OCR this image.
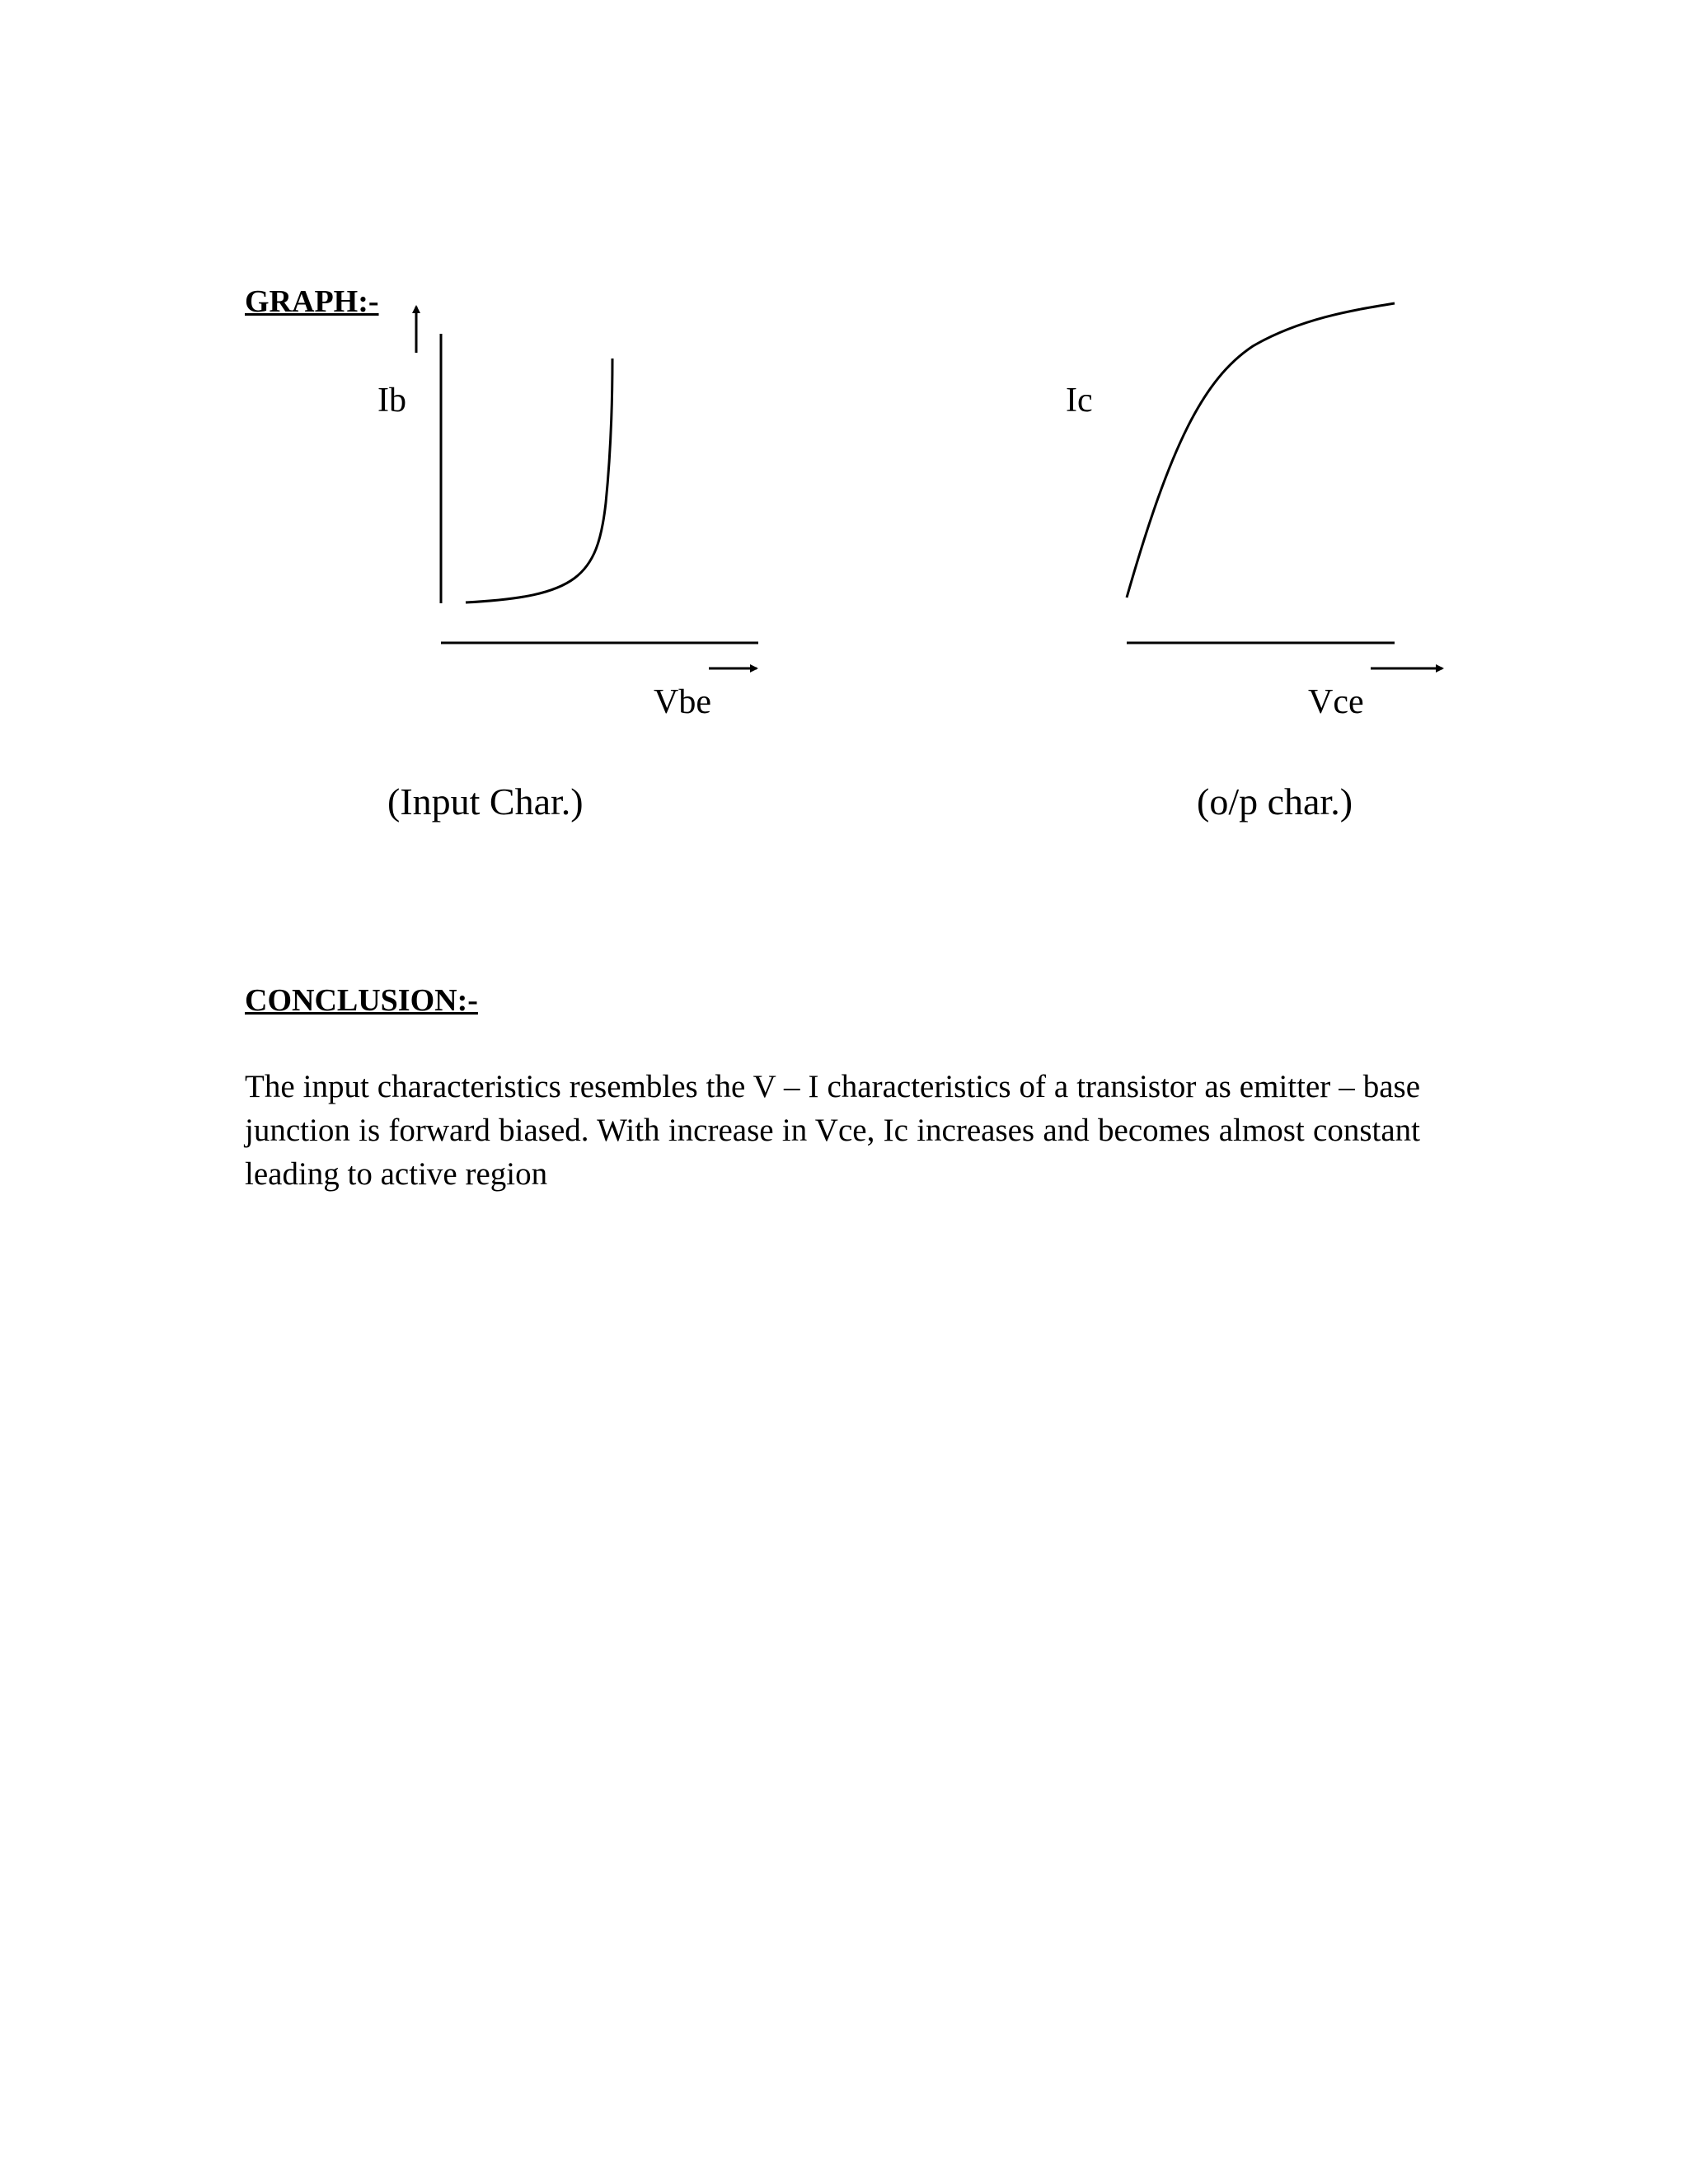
GRAPH:-
Ib
Vbe
(Input Char.)
Ic
Vce
(o/p char.)
CONCLUSION:-

The input characteristics resembles the V – I characteristics of a transistor as emitter – base junction is forward biased. With increase in Vce, Ic increases and becomes almost constant leading to active region
